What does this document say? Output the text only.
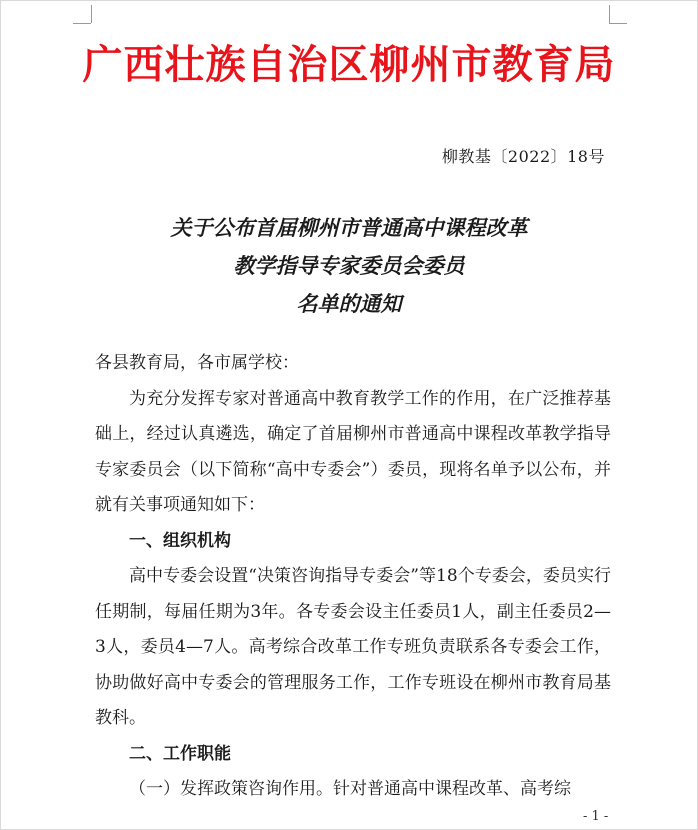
广西壮族自治区柳州市教育局
柳教基〔2022〕18号
关于公布首届柳州市普通高中课程改革
教学指导专家委员会委员
名单的通知

各县教育局，各市属学校：

为充分发挥专家对普通高中教育教学工作的作用，在广泛推荐基础上，经过认真遴选，确定了首届柳州市普通高中课程改革教学指导专家委员会（以下简称“高中专委会”）委员，现将名单予以公布，并就有关事项通知如下：

一、组织机构

高中专委会设置“决策咨询指导专委会”等18个专委会，委员实行任期制，每届任期为3年。各专委会设主任委员1人，副主任委员2—3人，委员4—7人。高考综合改革工作专班负责联系各专委会工作，协助做好高中专委会的管理服务工作，工作专班设在柳州市教育局基教科。

二、工作职能

（一）发挥政策咨询作用。针对普通高中课程改革、高考综

- 1 -
